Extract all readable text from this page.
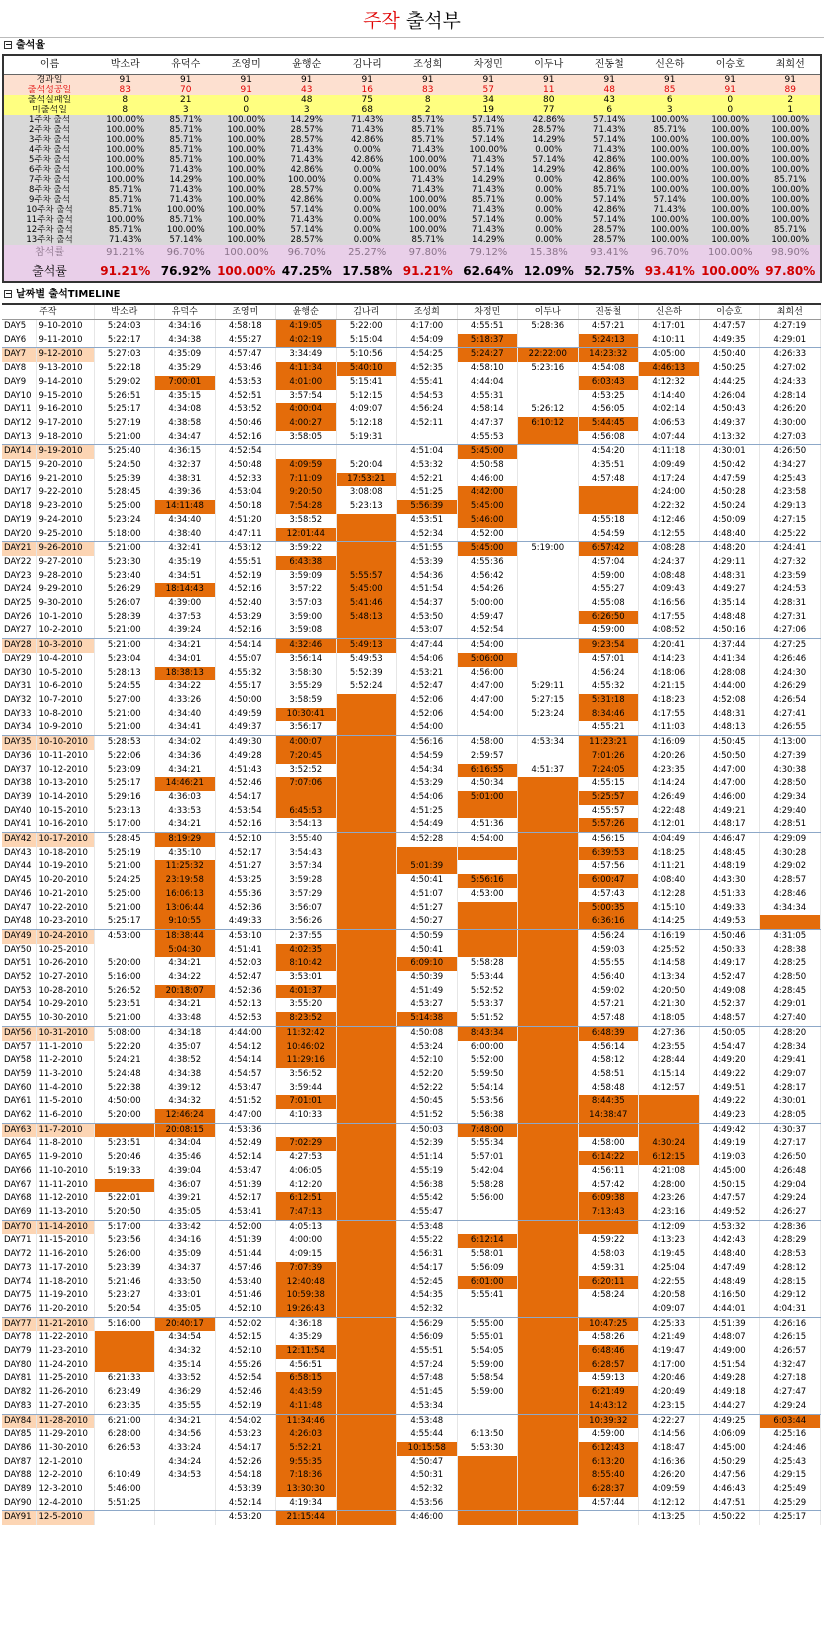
주작 출석부
− 출석율
이름	박소라	유덕수	조영미	윤행순	김나리	조성희	차정민	이두나	진동철	신은하	이승호	최희선
경과일	91	91	91	91	91	91	91	91	91	91	91	91
출석성공일	83	70	91	43	16	83	57	11	48	85	91	89
출석실패일	8	21	0	48	75	8	34	80	43	6	0	2
미출석일	8	3	0	3	68	2	19	77	6	3	0	1
1주차 출석	100.00%	85.71%	100.00%	14.29%	71.43%	85.71%	57.14%	42.86%	57.14%	100.00%	100.00%	100.00%
2주차 출석	100.00%	85.71%	100.00%	28.57%	71.43%	85.71%	85.71%	28.57%	71.43%	85.71%	100.00%	100.00%
3주차 출석	100.00%	85.71%	100.00%	28.57%	42.86%	85.71%	57.14%	14.29%	57.14%	100.00%	100.00%	100.00%
4주차 출석	100.00%	85.71%	100.00%	71.43%	0.00%	71.43%	100.00%	0.00%	71.43%	100.00%	100.00%	100.00%
5주차 출석	100.00%	85.71%	100.00%	71.43%	42.86%	100.00%	71.43%	57.14%	42.86%	100.00%	100.00%	100.00%
6주차 출석	100.00%	71.43%	100.00%	42.86%	0.00%	100.00%	57.14%	14.29%	42.86%	100.00%	100.00%	100.00%
7주차 출석	100.00%	14.29%	100.00%	100.00%	0.00%	71.43%	14.29%	0.00%	42.86%	100.00%	100.00%	85.71%
8주차 출석	85.71%	71.43%	100.00%	28.57%	0.00%	71.43%	71.43%	0.00%	85.71%	100.00%	100.00%	100.00%
9주차 출석	85.71%	71.43%	100.00%	42.86%	0.00%	100.00%	85.71%	0.00%	57.14%	57.14%	100.00%	100.00%
10주차 출석	85.71%	100.00%	100.00%	57.14%	0.00%	100.00%	71.43%	0.00%	42.86%	71.43%	100.00%	100.00%
11주차 출석	100.00%	85.71%	100.00%	71.43%	0.00%	100.00%	57.14%	0.00%	57.14%	100.00%	100.00%	100.00%
12주차 출석	85.71%	100.00%	100.00%	57.14%	0.00%	100.00%	71.43%	0.00%	28.57%	100.00%	100.00%	85.71%
13주차 출석	71.43%	57.14%	100.00%	28.57%	0.00%	85.71%	14.29%	0.00%	28.57%	100.00%	100.00%	100.00%
참석률	91.21%	96.70%	100.00%	96.70%	25.27%	97.80%	79.12%	15.38%	93.41%	96.70%	100.00%	98.90%
출석률	91.21%	76.92%	100.00%	47.25%	17.58%	91.21%	62.64%	12.09%	52.75%	93.41%	100.00%	97.80%
− 날짜별 출석TIMELINE
주작		박소라	유덕수	조영미	윤행순	김나리	조성희	차정민	이두나	진동철	신은하	이승호	최희선
DAY5	9-10-2010	5:24:03	4:34:16	4:58:18	4:19:05	5:22:00	4:17:00	4:55:51	5:28:36	4:57:21	4:17:01	4:47:57	4:27:19
DAY6	9-11-2010	5:22:17	4:34:38	4:55:27	4:02:19	5:15:04	4:54:09	5:18:37		5:24:13	4:10:11	4:49:35	4:29:01
DAY7	9-12-2010	5:27:03	4:35:09	4:57:47	3:34:49	5:10:56	4:54:25	5:24:27	22:22:00	14:23:32	4:05:00	4:50:40	4:26:33
DAY8	9-13-2010	5:22:18	4:35:29	4:53:46	4:11:34	5:40:10	4:52:35	4:58:10	5:23:16	4:54:08	4:46:13	4:50:25	4:27:02
DAY9	9-14-2010	5:29:02	7:00:01	4:53:53	4:01:00	5:15:41	4:55:41	4:44:04		6:03:43	4:12:32	4:44:25	4:24:33
DAY10	9-15-2010	5:26:51	4:35:15	4:52:51	3:57:54	5:12:15	4:54:53	4:55:31		4:53:25	4:14:40	4:26:04	4:28:14
DAY11	9-16-2010	5:25:17	4:34:08	4:53:52	4:00:04	4:09:07	4:56:24	4:58:14	5:26:12	4:56:05	4:02:14	4:50:43	4:26:20
DAY12	9-17-2010	5:27:19	4:38:58	4:50:46	4:00:27	5:12:18	4:52:11	4:47:37	6:10:12	5:44:45	4:06:53	4:49:37	4:30:00
DAY13	9-18-2010	5:21:00	4:34:47	4:52:16	3:58:05	5:19:31		4:55:53		4:56:08	4:07:44	4:13:32	4:27:03
DAY14	9-19-2010	5:25:40	4:36:15	4:52:54			4:51:04	5:45:00		4:54:20	4:11:18	4:30:01	4:26:50
DAY15	9-20-2010	5:24:50	4:32:37	4:50:48	4:09:59	5:20:04	4:53:32	4:50:58		4:35:51	4:09:49	4:50:42	4:34:27
DAY16	9-21-2010	5:25:39	4:38:31	4:52:33	7:11:09	17:53:21	4:52:21	4:46:00		4:57:48	4:17:24	4:47:59	4:25:43
DAY17	9-22-2010	5:28:45	4:39:36	4:53:04	9:20:50	3:08:08	4:51:25	4:42:00			4:24:00	4:50:28	4:23:58
DAY18	9-23-2010	5:25:00	14:11:48	4:50:18	7:54:28	5:23:13	5:56:39	5:45:00			4:22:32	4:50:24	4:29:13
DAY19	9-24-2010	5:23:24	4:34:40	4:51:20	3:58:52		4:53:51	5:46:00		4:55:18	4:12:46	4:50:09	4:27:15
DAY20	9-25-2010	5:18:00	4:38:40	4:47:11	12:01:44		4:52:34	4:52:00		4:54:59	4:12:55	4:48:40	4:25:22
DAY21	9-26-2010	5:21:00	4:32:41	4:53:12	3:59:22		4:51:55	5:45:00	5:19:00	6:57:42	4:08:28	4:48:20	4:24:41
DAY22	9-27-2010	5:23:30	4:35:19	4:55:51	6:43:38		4:53:39	4:55:36		4:57:04	4:24:37	4:29:11	4:27:32
DAY23	9-28-2010	5:23:40	4:34:51	4:52:19	3:59:09	5:55:57	4:54:36	4:56:42		4:59:00	4:08:48	4:48:31	4:23:59
DAY24	9-29-2010	5:26:29	18:14:43	4:52:16	3:57:22	5:45:00	4:51:54	4:54:26		4:55:27	4:09:43	4:49:27	4:24:53
DAY25	9-30-2010	5:26:07	4:39:00	4:52:40	3:57:03	5:41:46	4:54:37	5:00:00		4:55:08	4:16:56	4:35:14	4:28:31
DAY26	10-1-2010	5:28:39	4:37:53	4:53:29	3:59:00	5:48:13	4:53:50	4:59:47		6:26:50	4:17:55	4:48:48	4:27:31
DAY27	10-2-2010	5:21:00	4:39:24	4:52:16	3:59:08		4:53:07	4:52:54		4:59:00	4:08:52	4:50:16	4:27:06
DAY28	10-3-2010	5:21:00	4:34:21	4:54:14	4:32:46	5:49:13	4:47:44	4:54:00		9:23:54	4:20:41	4:37:44	4:27:25
DAY29	10-4-2010	5:23:04	4:34:01	4:55:07	3:56:14	5:49:53	4:54:06	5:06:00		4:57:01	4:14:23	4:41:34	4:26:46
DAY30	10-5-2010	5:28:13	18:38:13	4:55:32	3:58:30	5:52:39	4:53:21	4:56:00		4:56:24	4:18:06	4:28:08	4:24:30
DAY31	10-6-2010	5:24:55	4:34:22	4:55:17	3:55:29	5:52:24	4:52:47	4:47:00	5:29:11	4:55:32	4:21:15	4:44:00	4:26:29
DAY32	10-7-2010	5:27:00	4:33:26	4:50:00	3:58:59		4:52:06	4:47:00	5:27:15	5:31:18	4:18:23	4:52:08	4:26:54
DAY33	10-8-2010	5:21:00	4:34:40	4:49:59	10:30:41		4:52:06	4:54:00	5:23:24	8:34:46	4:17:55	4:48:31	4:27:41
DAY34	10-9-2010	5:21:00	4:34:41	4:49:37	3:56:17		4:54:00			4:55:21	4:11:03	4:48:13	4:26:55
DAY35	10-10-2010	5:28:53	4:34:02	4:49:30	4:00:07		4:56:16	4:58:00	4:53:34	11:23:21	4:16:09	4:50:45	4:13:00
DAY36	10-11-2010	5:22:06	4:34:36	4:49:28	7:20:45		4:54:59	2:59:57		7:01:26	4:20:26	4:50:50	4:27:39
DAY37	10-12-2010	5:23:09	4:34:21	4:51:43	3:52:52		4:54:34	6:16:55	4:51:37	7:24:05	4:23:35	4:47:00	4:30:38
DAY38	10-13-2010	5:25:17	14:46:21	4:52:46	7:07:06		4:53:29	4:50:34		4:55:15	4:14:24	4:47:00	4:28:50
DAY39	10-14-2010	5:29:16	4:36:03	4:54:17			4:54:06	5:01:00		5:25:57	4:26:49	4:46:00	4:29:34
DAY40	10-15-2010	5:23:13	4:33:53	4:53:54	6:45:53		4:51:25			4:55:57	4:22:48	4:49:21	4:29:40
DAY41	10-16-2010	5:17:00	4:34:21	4:52:16	3:54:13		4:54:49	4:51:36		5:57:26	4:12:01	4:48:17	4:28:51
DAY42	10-17-2010	5:28:45	8:19:29	4:52:10	3:55:40		4:52:28	4:54:00		4:56:15	4:04:49	4:46:47	4:29:09
DAY43	10-18-2010	5:25:19	4:35:10	4:52:17	3:54:43					6:39:53	4:18:25	4:48:45	4:30:28
DAY44	10-19-2010	5:21:00	11:25:32	4:51:27	3:57:34		5:01:39			4:57:56	4:11:21	4:48:19	4:29:02
DAY45	10-20-2010	5:24:25	23:19:58	4:53:25	3:59:28		4:50:41	5:56:16		6:00:47	4:08:40	4:43:30	4:28:57
DAY46	10-21-2010	5:25:00	16:06:13	4:55:36	3:57:29		4:51:07	4:53:00		4:57:43	4:12:28	4:51:33	4:28:46
DAY47	10-22-2010	5:21:00	13:06:44	4:52:36	3:56:07		4:51:27			5:00:35	4:15:10	4:49:33	4:34:34
DAY48	10-23-2010	5:25:17	9:10:55	4:49:33	3:56:26		4:50:27			6:36:16	4:14:25	4:49:53	
DAY49	10-24-2010	4:53:00	18:38:44	4:53:10	2:37:55		4:50:59			4:56:24	4:16:19	4:50:46	4:31:05
DAY50	10-25-2010		5:04:30	4:51:41	4:02:35		4:50:41			4:59:03	4:25:52	4:50:33	4:28:38
DAY51	10-26-2010	5:20:00	4:34:21	4:52:03	8:10:42		6:09:10	5:58:28		4:55:55	4:14:58	4:49:17	4:28:25
DAY52	10-27-2010	5:16:00	4:34:22	4:52:47	3:53:01		4:50:39	5:53:44		4:56:40	4:13:34	4:52:47	4:28:50
DAY53	10-28-2010	5:26:52	20:18:07	4:52:36	4:01:37		4:51:49	5:52:52		4:59:02	4:20:50	4:49:08	4:28:45
DAY54	10-29-2010	5:23:51	4:34:21	4:52:13	3:55:20		4:53:27	5:53:37		4:57:21	4:21:30	4:52:37	4:29:01
DAY55	10-30-2010	5:21:00	4:33:48	4:52:53	8:23:52		5:14:38	5:51:52		4:57:48	4:18:05	4:48:57	4:27:40
DAY56	10-31-2010	5:08:00	4:34:18	4:44:00	11:32:42		4:50:08	8:43:34		6:48:39	4:27:36	4:50:05	4:28:20
DAY57	11-1-2010	5:22:20	4:35:07	4:54:12	10:46:02		4:53:24	6:00:00		4:56:14	4:23:55	4:54:47	4:28:34
DAY58	11-2-2010	5:24:21	4:38:52	4:54:14	11:29:16		4:52:10	5:52:00		4:58:12	4:28:44	4:49:20	4:29:41
DAY59	11-3-2010	5:24:48	4:34:38	4:54:57	3:56:52		4:52:20	5:59:50		4:58:51	4:15:14	4:49:22	4:29:07
DAY60	11-4-2010	5:22:38	4:39:12	4:53:47	3:59:44		4:52:22	5:54:14		4:58:48	4:12:57	4:49:51	4:28:17
DAY61	11-5-2010	4:50:00	4:34:32	4:51:52	7:01:01		4:50:45	5:53:56		8:44:35		4:49:22	4:30:01
DAY62	11-6-2010	5:20:00	12:46:24	4:47:00	4:10:33		4:51:52	5:56:38		14:38:47		4:49:23	4:28:05
DAY63	11-7-2010		20:08:15	4:53:36			4:50:03	7:48:00				4:49:42	4:30:37
DAY64	11-8-2010	5:23:51	4:34:04	4:52:49	7:02:29		4:52:39	5:55:34		4:58:00	4:30:24	4:49:19	4:27:17
DAY65	11-9-2010	5:20:46	4:35:46	4:52:14	4:27:53		4:51:14	5:57:01		6:14:22	6:12:15	4:19:03	4:26:50
DAY66	11-10-2010	5:19:33	4:39:04	4:53:47	4:06:05		4:55:19	5:42:04		4:56:11	4:21:08	4:45:00	4:26:48
DAY67	11-11-2010		4:36:07	4:51:39	4:12:20		4:56:38	5:58:28		4:57:42	4:28:00	4:50:15	4:29:04
DAY68	11-12-2010	5:22:01	4:39:21	4:52:17	6:12:51		4:55:42	5:56:00		6:09:38	4:23:26	4:47:57	4:29:24
DAY69	11-13-2010	5:20:50	4:35:05	4:53:41	7:47:13		4:55:47			7:13:43	4:23:16	4:49:52	4:26:27
DAY70	11-14-2010	5:17:00	4:33:42	4:52:00	4:05:13		4:53:48				4:12:09	4:53:32	4:28:36
DAY71	11-15-2010	5:23:56	4:34:16	4:51:39	4:00:00		4:55:22	6:12:14		4:59:22	4:13:23	4:42:43	4:28:29
DAY72	11-16-2010	5:26:00	4:35:09	4:51:44	4:09:15		4:56:31	5:58:01		4:58:03	4:19:45	4:48:40	4:28:53
DAY73	11-17-2010	5:23:39	4:34:37	4:57:46	7:07:39		4:54:17	5:56:09		4:59:31	4:25:04	4:47:49	4:28:12
DAY74	11-18-2010	5:21:46	4:33:50	4:53:40	12:40:48		4:52:45	6:01:00		6:20:11	4:22:55	4:48:49	4:28:15
DAY75	11-19-2010	5:23:27	4:33:01	4:51:46	10:59:38		4:54:35	5:55:41		4:58:24	4:20:58	4:16:50	4:29:12
DAY76	11-20-2010	5:20:54	4:35:05	4:52:10	19:26:43		4:52:32				4:09:07	4:44:01	4:04:31
DAY77	11-21-2010	5:16:00	20:40:17	4:52:02	4:36:18		4:56:29	5:55:00		10:47:25	4:25:33	4:51:39	4:26:16
DAY78	11-22-2010		4:34:54	4:52:15	4:35:29		4:56:09	5:55:01		4:58:26	4:21:49	4:48:07	4:26:15
DAY79	11-23-2010		4:34:32	4:52:10	12:11:54		4:55:51	5:54:05		6:48:46	4:19:47	4:49:00	4:26:57
DAY80	11-24-2010		4:35:14	4:55:26	4:56:51		4:57:24	5:59:00		6:28:57	4:17:00	4:51:54	4:32:47
DAY81	11-25-2010	6:21:33	4:33:52	4:52:54	6:58:15		4:57:48	5:58:54		4:59:13	4:20:46	4:49:28	4:27:18
DAY82	11-26-2010	6:23:49	4:36:29	4:52:46	4:43:59		4:51:45	5:59:00		6:21:49	4:20:49	4:49:18	4:27:47
DAY83	11-27-2010	6:23:35	4:35:55	4:52:19	4:11:48		4:53:34			14:43:12	4:23:15	4:44:27	4:29:24
DAY84	11-28-2010	6:21:00	4:34:21	4:54:02	11:34:46		4:53:48			10:39:32	4:22:27	4:49:25	6:03:44
DAY85	11-29-2010	6:28:00	4:34:56	4:53:23	4:26:03		4:55:44	6:13:50		4:59:00	4:14:56	4:06:09	4:25:16
DAY86	11-30-2010	6:26:53	4:33:24	4:54:17	5:52:21		10:15:58	5:53:30		6:12:43	4:18:47	4:45:00	4:24:46
DAY87	12-1-2010		4:34:24	4:52:26	9:55:35		4:50:47			6:13:20	4:16:36	4:50:29	4:25:43
DAY88	12-2-2010	6:10:49	4:34:53	4:54:18	7:18:36		4:50:31			8:55:40	4:26:20	4:47:56	4:29:15
DAY89	12-3-2010	5:46:00		4:53:39	13:30:30		4:52:32			6:28:37	4:09:59	4:46:43	4:25:49
DAY90	12-4-2010	5:51:25		4:52:14	4:19:34		4:53:56			4:57:44	4:12:12	4:47:51	4:25:29
DAY91	12-5-2010			4:53:20	21:15:44		4:46:00				4:13:25	4:50:22	4:25:17
